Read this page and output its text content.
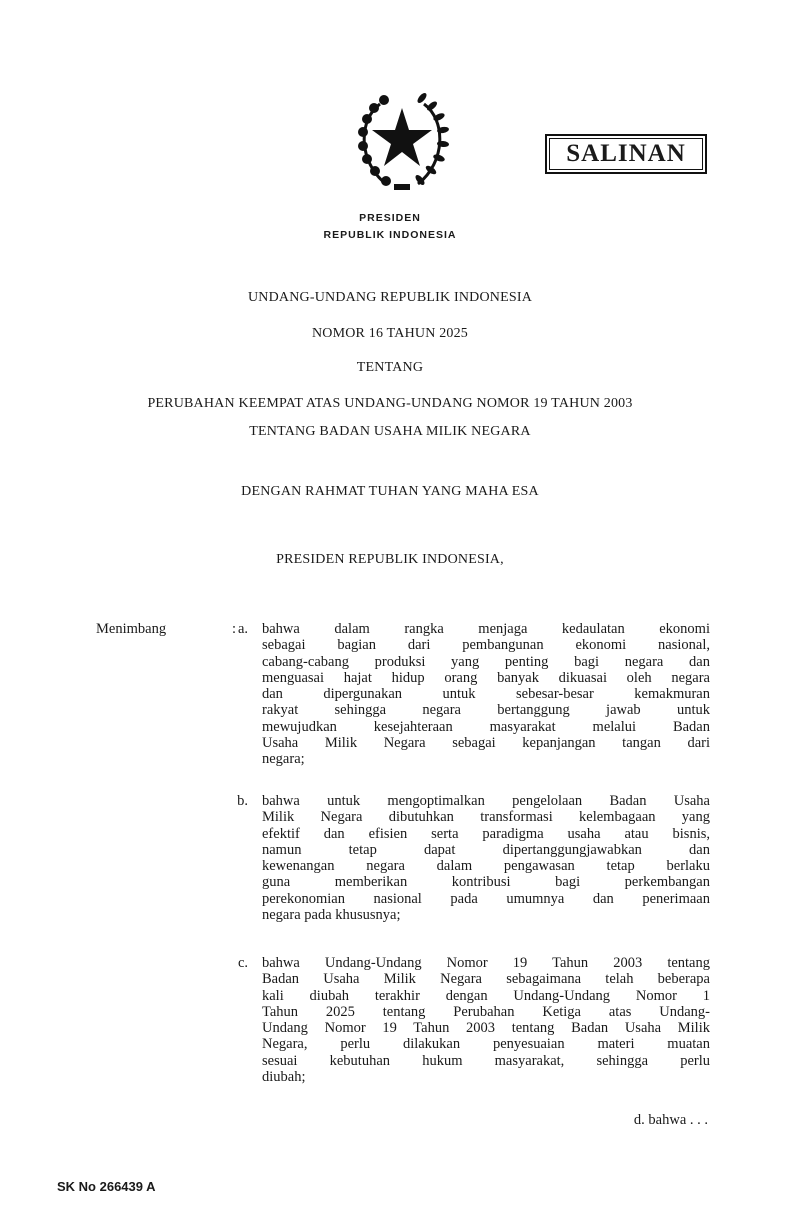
SALINAN
PRESIDEN
REPUBLIK INDONESIA
UNDANG-UNDANG REPUBLIK INDONESIA
NOMOR 16 TAHUN 2025
TENTANG
PERUBAHAN KEEMPAT ATAS UNDANG-UNDANG NOMOR 19 TAHUN 2003
TENTANG BADAN USAHA MILIK NEGARA
DENGAN RAHMAT TUHAN YANG MAHA ESA
PRESIDEN REPUBLIK INDONESIA,
Menimbang	: a. bahwa dalam rangka menjaga kedaulatan ekonomi
sebagai bagian dari pembangunan ekonomi nasional,
cabang-cabang produksi yang penting bagi negara dan
menguasai hajat hidup orang banyak dikuasai oleh negara
dan dipergunakan untuk sebesar-besar kemakmuran
rakyat sehingga negara bertanggung jawab untuk
mewujudkan kesejahteraan masyarakat melalui Badan
Usaha Milik Negara sebagai kepanjangan tangan dari
negara;
b. bahwa untuk mengoptimalkan pengelolaan Badan Usaha
Milik Negara dibutuhkan transformasi kelembagaan yang
efektif dan efisien serta paradigma usaha atau bisnis,
namun tetap dapat dipertanggungjawabkan dan
kewenangan negara dalam pengawasan tetap berlaku
guna memberikan kontribusi bagi perkembangan
perekonomian nasional pada umumnya dan penerimaan
negara pada khususnya;
c. bahwa Undang-Undang Nomor 19 Tahun 2003 tentang
Badan Usaha Milik Negara sebagaimana telah beberapa
kali diubah terakhir dengan Undang-Undang Nomor 1
Tahun 2025 tentang Perubahan Ketiga atas Undang-
Undang Nomor 19 Tahun 2003 tentang Badan Usaha Milik
Negara, perlu dilakukan penyesuaian materi muatan
sesuai kebutuhan hukum masyarakat, sehingga perlu
diubah;
d. bahwa . . .
SK No 266439 A
